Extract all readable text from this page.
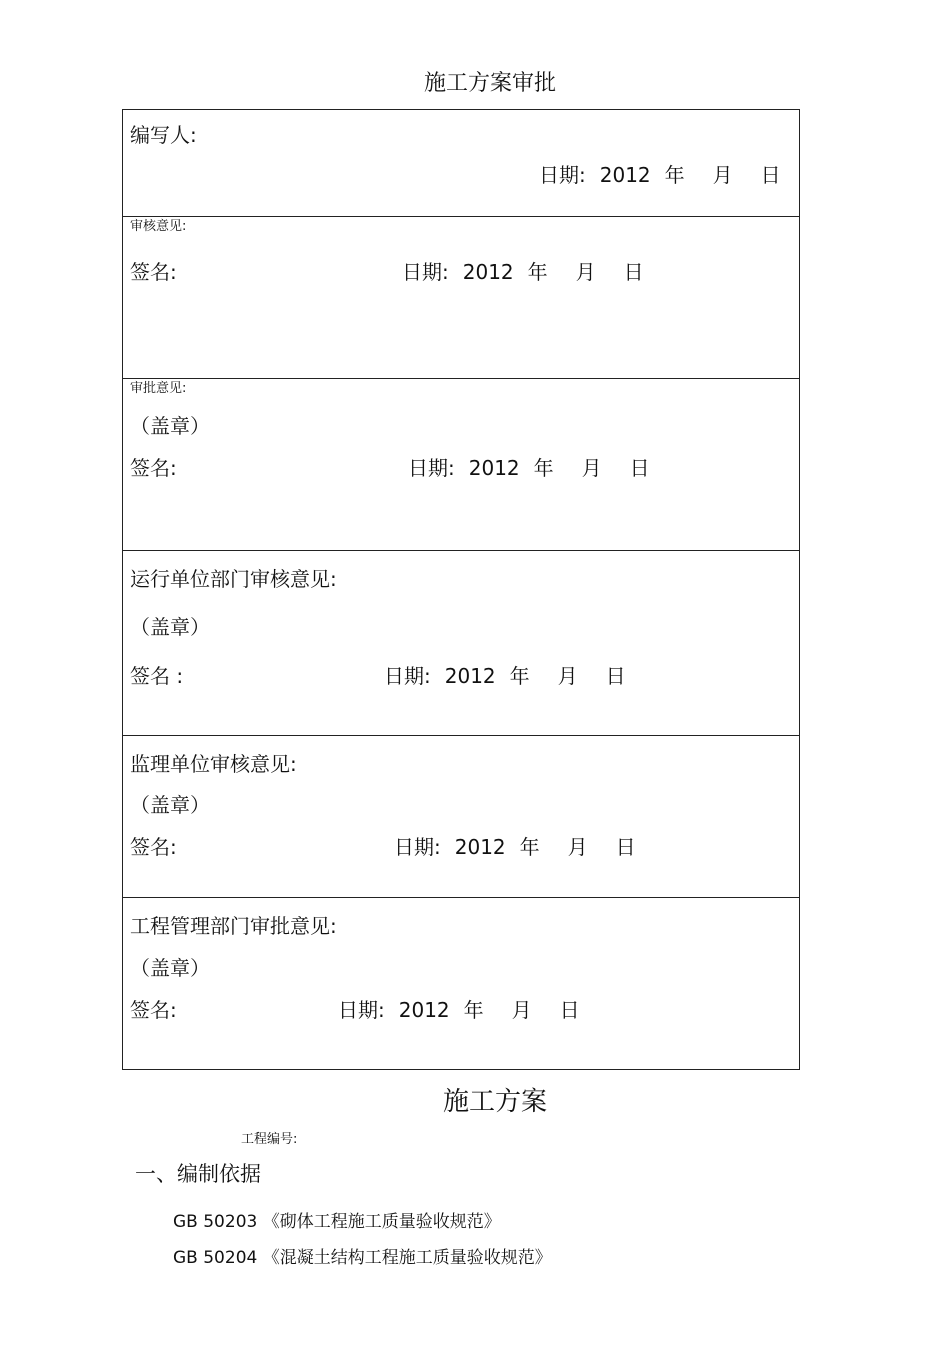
施工方案审批
编写人:
日期: 2012 年 月 日
审核意见:
签名:	日期: 2012 年 月 日
审批意见:
（盖章）
签名:	日期: 2012 年 月 日
运行单位部门审核意见:
（盖章）
签名 :	日期: 2012 年 月 日
监理单位审核意见:
（盖章）
签名:	日期: 2012 年 月 日
工程管理部门审批意见:
（盖章）
签名:	日期: 2012 年 月 日
施工方案
工程编号:
一、编制依据
GB 50203 《砌体工程施工质量验收规范》
GB 50204 《混凝土结构工程施工质量验收规范》
